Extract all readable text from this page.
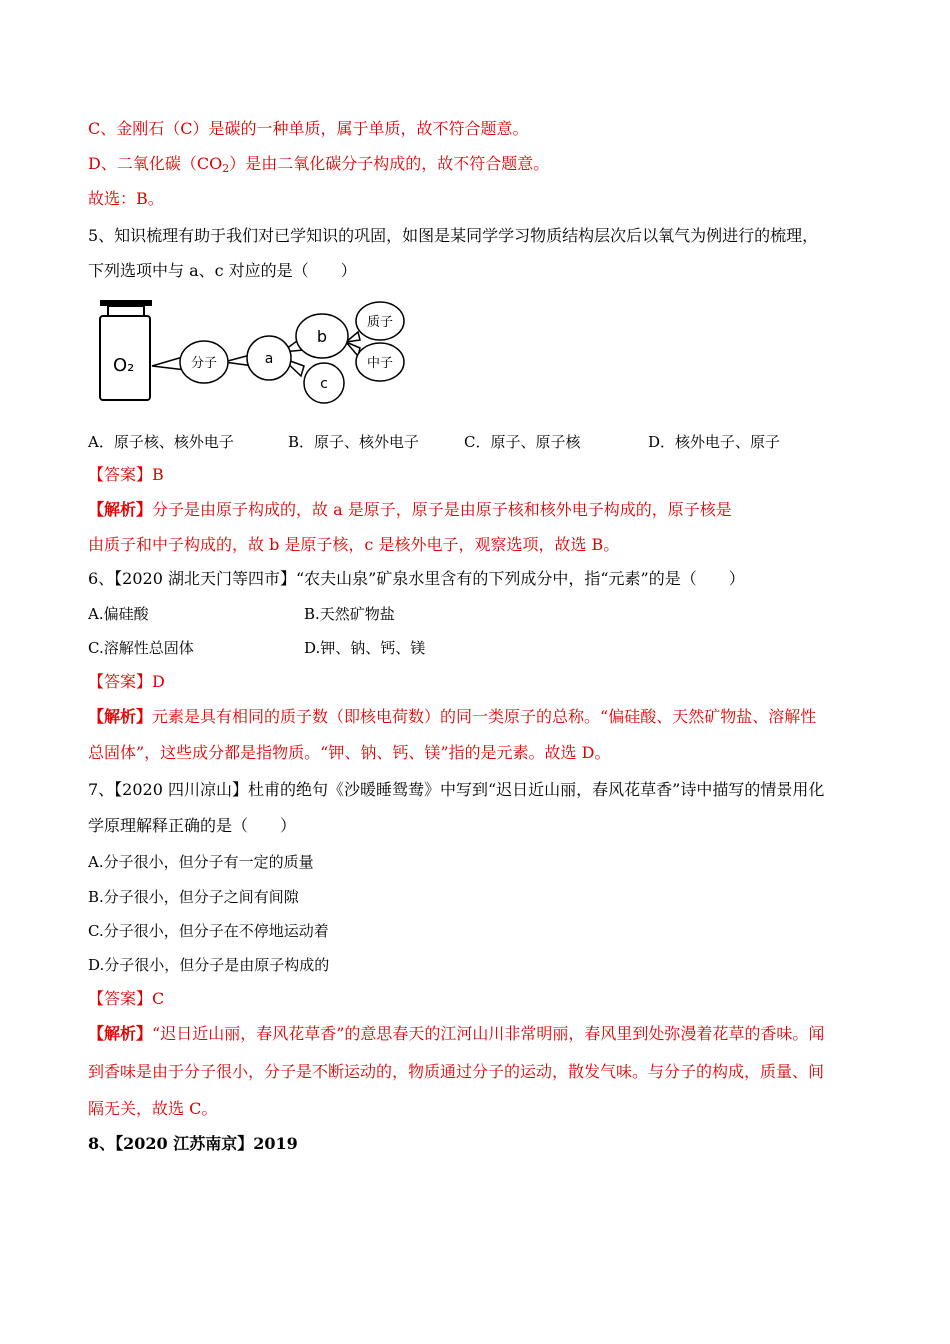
C、金刚石（C）是碳的一种单质，属于单质，故不符合题意。
D、二氧化碳$(CO_2)$是由二氧化碳分子构成的，故不符合题意。
故选：B。
5、知识梳理有助于我们对已学知识的巩固，如图是某同学学习物质结构层次后以氧气为例进行的梳理，
下列选项中与 a、c 对应的是（　　）
O₂	分子	a
b
c
质子
中子
A．原子核、核外电子	B．原子、核外电子	C．原子、原子核	D．核外电子、原子
【答案】B
【解析】分子是由原子构成的，故 a 是原子，原子是由原子核和核外电子构成的，原子核是
由质子和中子构成的，故 b 是原子核，c 是核外电子，观察选项，故选 B。
6、【2020 湖北天门等四市】“农夫山泉”矿泉水里含有的下列成分中，指“元素”的是（　　）
A.偏硅酸	B.天然矿物盐
C.溶解性总固体	D.钾、钠、钙、镁
【答案】D
【解析】元素是具有相同的质子数（即核电荷数）的同一类原子的总称。“偏硅酸、天然矿物盐、溶解性
总固体”，这些成分都是指物质。“钾、钠、钙、镁”指的是元素。故选 D。
7、【2020 四川凉山】杜甫的绝句《沙暖睡鸳鸯》中写到“迟日近山丽，春风花草香”诗中描写的情景用化
学原理解释正确的是（　　）
A.分子很小，但分子有一定的质量
B.分子很小，但分子之间有间隙
C.分子很小，但分子在不停地运动着
D.分子很小，但分子是由原子构成的
【答案】C
【解析】“迟日近山丽，春风花草香”的意思春天的江河山川非常明丽，春风里到处弥漫着花草的香味。闻
到香味是由于分子很小，分子是不断运动的，物质通过分子的运动，散发气味。与分子的构成，质量、间
隔无关，故选 C。
8、【2020 江苏南京】2019
